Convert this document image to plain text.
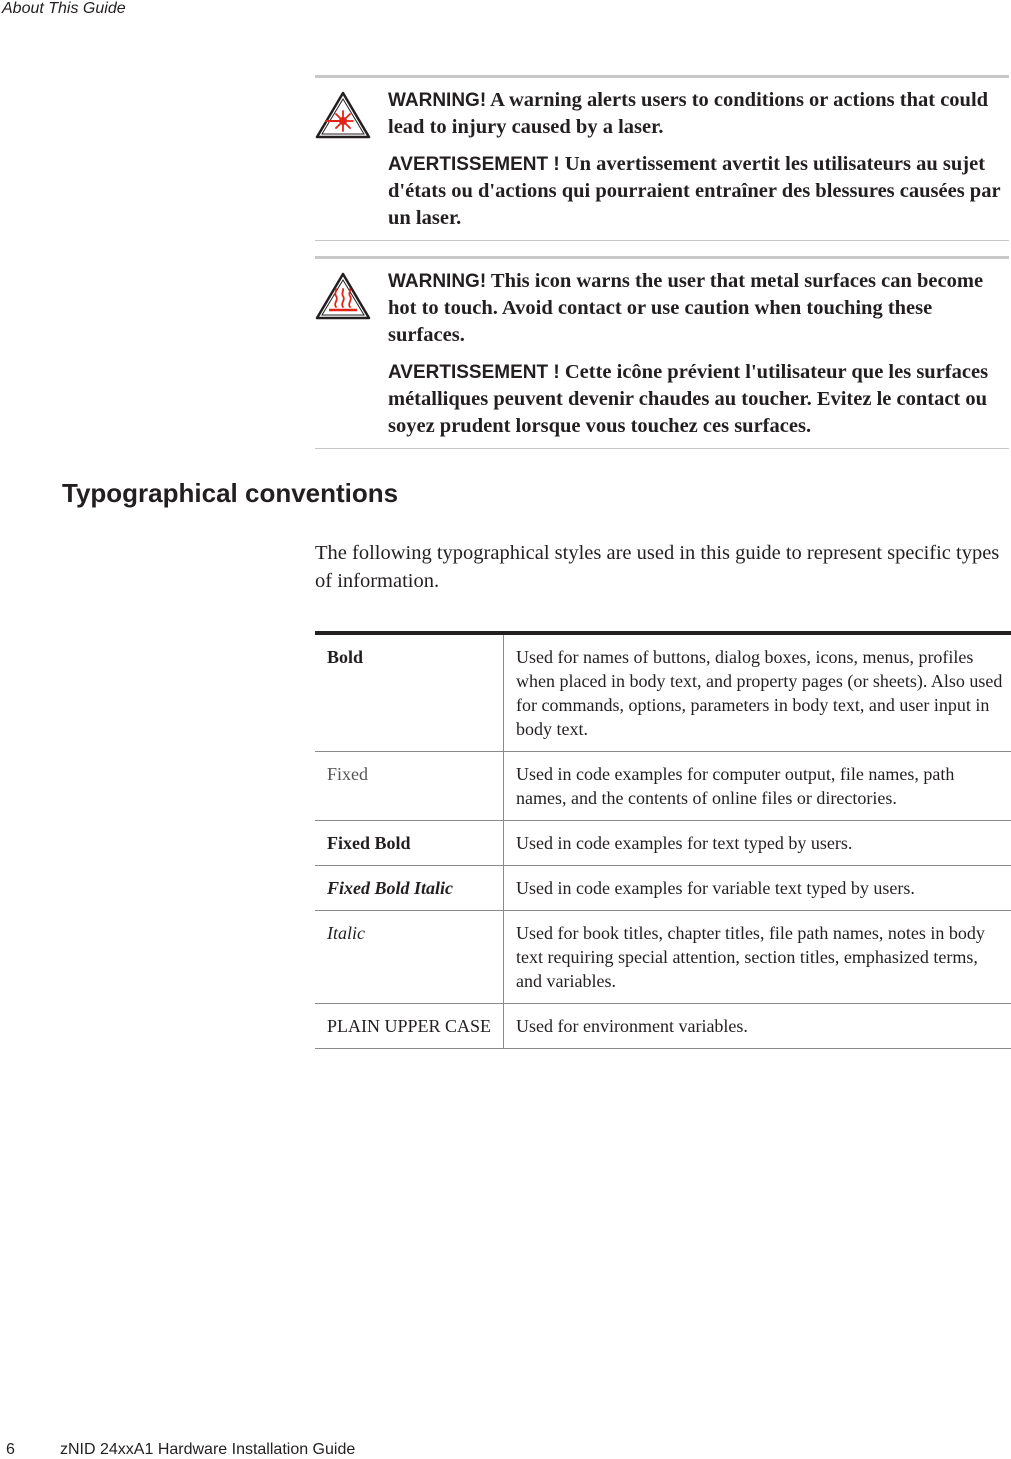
About This Guide

WARNING! A warning alerts users to conditions or actions that could lead to injury caused by a laser.

AVERTISSEMENT ! Un avertissement avertit les utilisateurs au sujet d'états ou d'actions qui pourraient entraîner des blessures causées par un laser.

WARNING! This icon warns the user that metal surfaces can become hot to touch. Avoid contact or use caution when touching these surfaces.

AVERTISSEMENT ! Cette icône prévient l'utilisateur que les surfaces métalliques peuvent devenir chaudes au toucher. Evitez le contact ou soyez prudent lorsque vous touchez ces surfaces.

Typographical conventions

The following typographical styles are used in this guide to represent specific types of information.

Bold	Used for names of buttons, dialog boxes, icons, menus, profiles when placed in body text, and property pages (or sheets). Also used for commands, options, parameters in body text, and user input in body text.
Fixed	Used in code examples for computer output, file names, path names, and the contents of online files or directories.
Fixed Bold	Used in code examples for text typed by users.
Fixed Bold Italic	Used in code examples for variable text typed by users.
Italic	Used for book titles, chapter titles, file path names, notes in body text requiring special attention, section titles, emphasized terms, and variables.
PLAIN UPPER CASE	Used for environment variables.
6	zNID 24xxA1 Hardware Installation Guide
